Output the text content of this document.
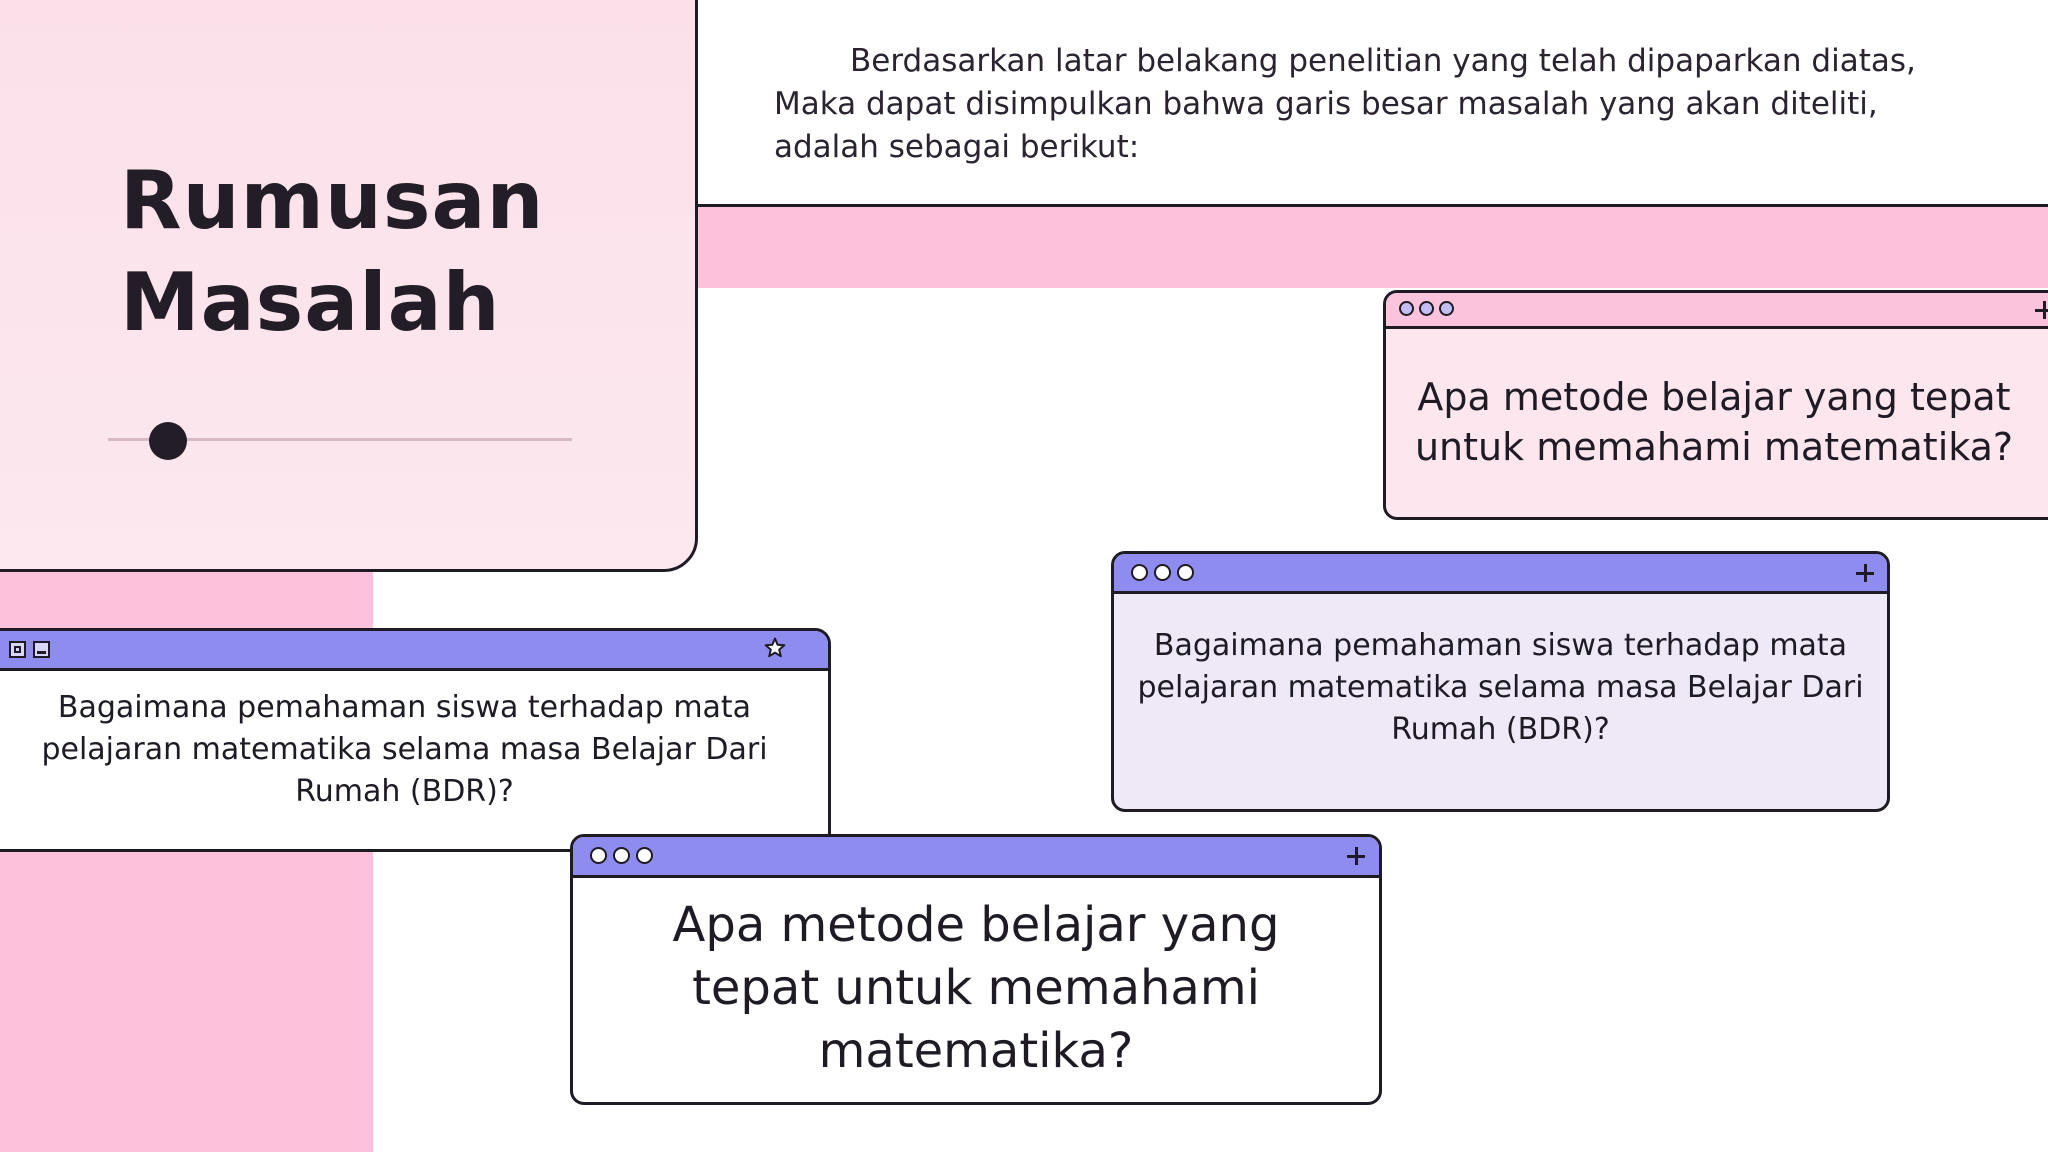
Rumusan
Masalah
Berdasarkan latar belakang penelitian yang telah dipaparkan diatas,
Maka dapat disimpulkan bahwa garis besar masalah yang akan diteliti,
adalah sebagai berikut:
Apa metode belajar yang tepat untuk memahami matematika?
Bagaimana pemahaman siswa terhadap mata pelajaran matematika selama masa Belajar Dari Rumah (BDR)?
Bagaimana pemahaman siswa terhadap mata pelajaran matematika selama masa Belajar Dari Rumah (BDR)?
Apa metode belajar yang tepat untuk memahami matematika?
